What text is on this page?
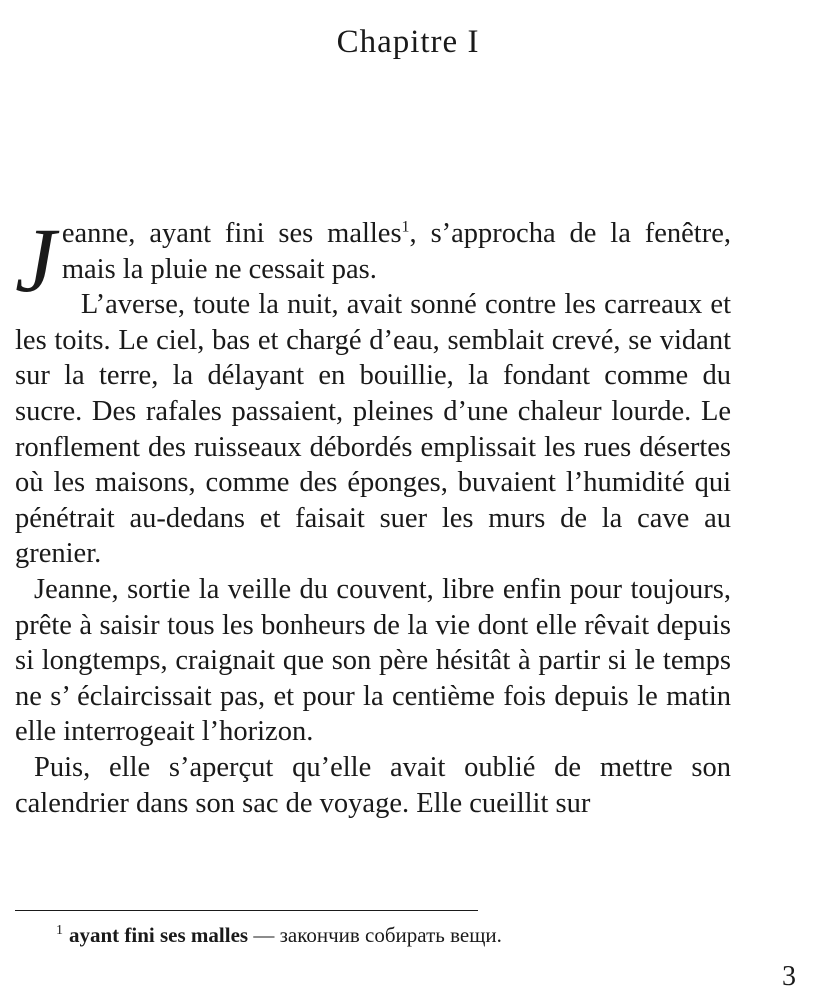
Chapitre I

Jeanne, ayant fini ses malles$^1$, s’approcha de la fenêtre, mais la pluie ne cessait pas.

L’averse, toute la nuit, avait sonné contre les carreaux et les toits. Le ciel, bas et chargé d’eau, semblait crevé, se vidant sur la terre, la délayant en bouillie, la fondant comme du sucre. Des rafales passaient, pleines d’une chaleur lourde. Le ronflement des ruisseaux débordés emplissait les rues désertes où les maisons, comme des éponges, buvaient l’humidité qui pénétrait au-dedans et faisait suer les murs de la cave au grenier.

Jeanne, sortie la veille du couvent, libre enfin pour toujours, prête à saisir tous les bonheurs de la vie dont elle rêvait depuis si longtemps, craignait que son père hésitât à partir si le temps ne s’ éclaircissait pas, et pour la centième fois depuis le matin elle interrogeait l’horizon.

Puis, elle s’aperçut qu’elle avait oublié de mettre son calendrier dans son sac de voyage. Elle cueillit sur

$^1$ ayant fini ses malles — закончив собирать вещи.

3
